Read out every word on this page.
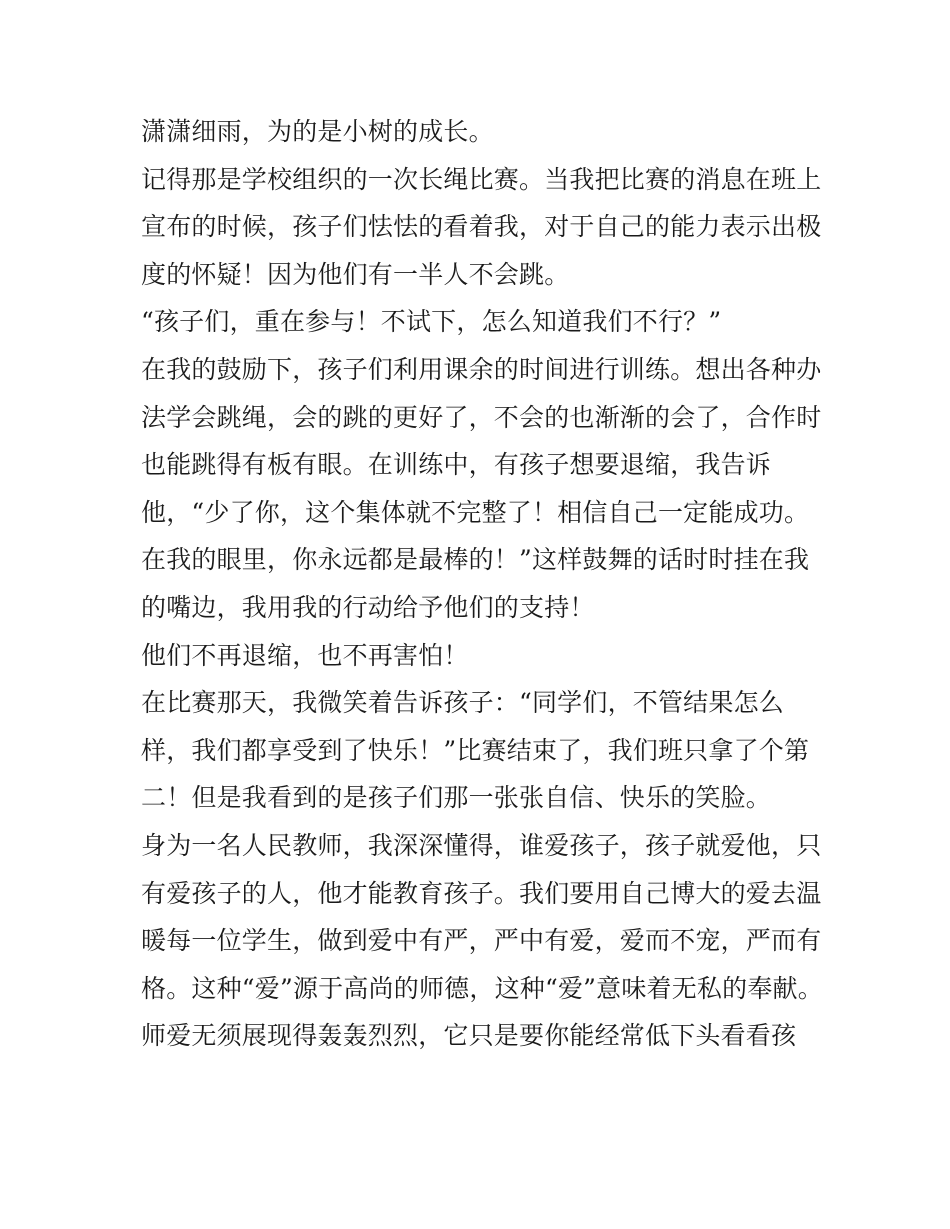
潇潇细雨，为的是小树的成长。
记得那是学校组织的一次长绳比赛。当我把比赛的消息在班上
宣布的时候，孩子们怯怯的看着我，对于自己的能力表示出极
度的怀疑！因为他们有一半人不会跳。
“孩子们，重在参与！不试下，怎么知道我们不行？”
在我的鼓励下，孩子们利用课余的时间进行训练。想出各种办
法学会跳绳，会的跳的更好了，不会的也渐渐的会了，合作时
也能跳得有板有眼。在训练中，有孩子想要退缩，我告诉
他，“少了你，这个集体就不完整了！相信自己一定能成功。
在我的眼里，你永远都是最棒的！”这样鼓舞的话时时挂在我
的嘴边，我用我的行动给予他们的支持！
他们不再退缩，也不再害怕！
在比赛那天，我微笑着告诉孩子：“同学们，不管结果怎么
样，我们都享受到了快乐！”比赛结束了，我们班只拿了个第
二！但是我看到的是孩子们那一张张自信、快乐的笑脸。
身为一名人民教师，我深深懂得，谁爱孩子，孩子就爱他，只
有爱孩子的人，他才能教育孩子。我们要用自己博大的爱去温
暖每一位学生，做到爱中有严，严中有爱，爱而不宠，严而有
格。这种“爱”源于高尚的师德，这种“爱”意味着无私的奉献。
师爱无须展现得轰轰烈烈，它只是要你能经常低下头看看孩
